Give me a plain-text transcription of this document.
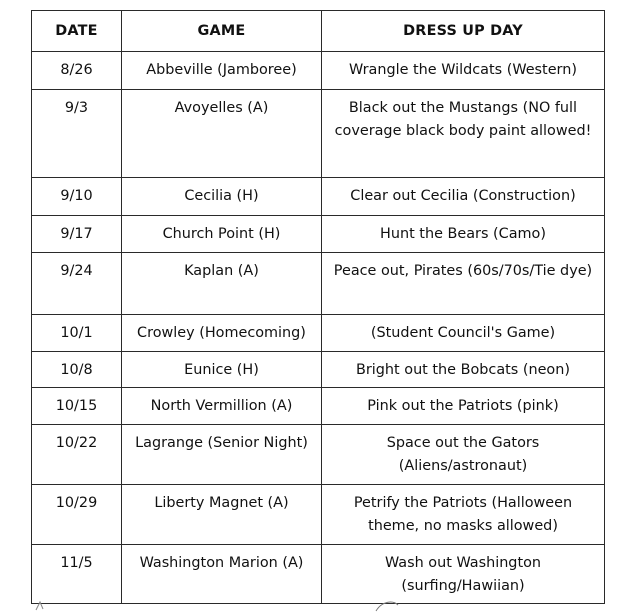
DATE	GAME	DRESS UP DAY
8/26	Abbeville (Jamboree)	Wrangle the Wildcats (Western)
9/3	Avoyelles (A)	Black out the Mustangs (NO full coverage black body paint allowed!
9/10	Cecilia (H)	Clear out Cecilia (Construction)
9/17	Church Point (H)	Hunt the Bears (Camo)
9/24	Kaplan (A)	Peace out, Pirates (60s/70s/Tie dye)
10/1	Crowley (Homecoming)	(Student Council's Game)
10/8	Eunice (H)	Bright out the Bobcats (neon)
10/15	North Vermillion (A)	Pink out the Patriots (pink)
10/22	Lagrange (Senior Night)	Space out the Gators (Aliens/astronaut)
10/29	Liberty Magnet (A)	Petrify the Patriots (Halloween theme, no masks allowed)
11/5	Washington Marion (A)	Wash out Washington (surfing/Hawiian)
